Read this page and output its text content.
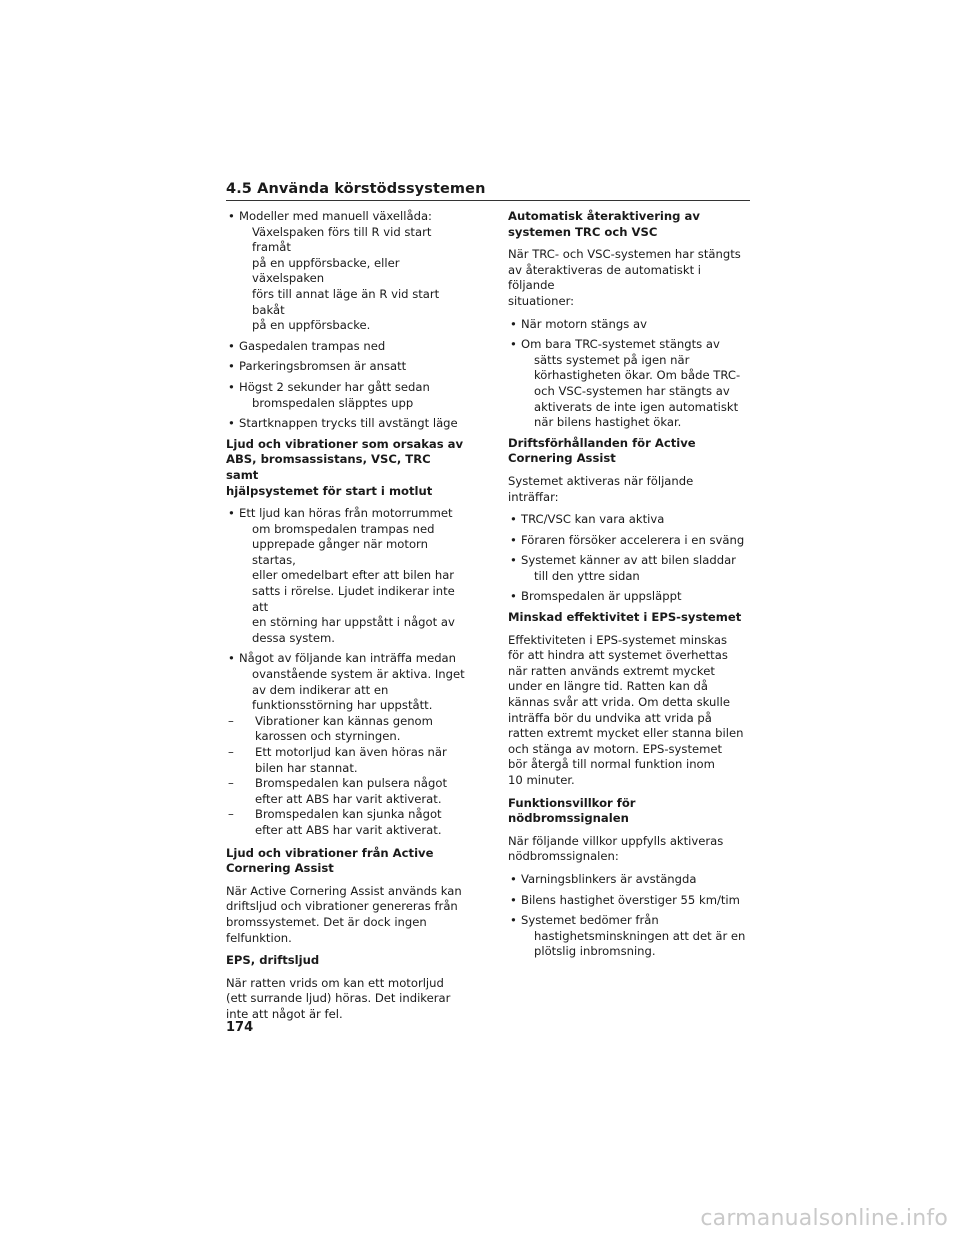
4.5 Använda körstödssystemen
• Modeller med manuell växellåda:
Växelspaken förs till R vid start framåt
på en uppförsbacke, eller växelspaken
förs till annat läge än R vid start bakåt
på en uppförsbacke.
• Gaspedalen trampas ned
• Parkeringsbromsen är ansatt
• Högst 2 sekunder har gått sedan
bromspedalen släpptes upp
• Startknappen trycks till avstängt läge
Ljud och vibrationer som orsakas av
ABS, bromsassistans, VSC, TRC samt
hjälpsystemet för start i motlut
• Ett ljud kan höras från motorrummet
om bromspedalen trampas ned
upprepade gånger när motorn startas,
eller omedelbart efter att bilen har
satts i rörelse. Ljudet indikerar inte att
en störning har uppstått i något av
dessa system.
• Något av följande kan inträffa medan
ovanstående system är aktiva. Inget
av dem indikerar att en
funktionsstörning har uppstått.
– Vibrationer kan kännas genom
karossen och styrningen.
– Ett motorljud kan även höras när
bilen har stannat.
– Bromspedalen kan pulsera något
efter att ABS har varit aktiverat.
– Bromspedalen kan sjunka något
efter att ABS har varit aktiverat.
Ljud och vibrationer från Active
Cornering Assist
När Active Cornering Assist används kan
driftsljud och vibrationer genereras från
bromssystemet. Det är dock ingen
felfunktion.
EPS, driftsljud
När ratten vrids om kan ett motorljud
(ett surrande ljud) höras. Det indikerar
inte att något är fel.
Automatisk återaktivering av
systemen TRC och VSC
När TRC- och VSC-systemen har stängts
av återaktiveras de automatiskt i följande
situationer:
• När motorn stängs av
• Om bara TRC-systemet stängts av
sätts systemet på igen när
körhastigheten ökar. Om både TRC-
och VSC-systemen har stängts av
aktiverats de inte igen automatiskt
när bilens hastighet ökar.
Driftsförhållanden för Active
Cornering Assist
Systemet aktiveras när följande
inträffar:
• TRC/VSC kan vara aktiva
• Föraren försöker accelerera i en sväng
• Systemet känner av att bilen sladdar
till den yttre sidan
• Bromspedalen är uppsläppt
Minskad effektivitet i EPS-systemet
Effektiviteten i EPS-systemet minskas
för att hindra att systemet överhettas
när ratten används extremt mycket
under en längre tid. Ratten kan då
kännas svår att vrida. Om detta skulle
inträffa bör du undvika att vrida på
ratten extremt mycket eller stanna bilen
och stänga av motorn. EPS-systemet
bör återgå till normal funktion inom
10 minuter.
Funktionsvillkor för nödbromssignalen
När följande villkor uppfylls aktiveras
nödbromssignalen:
• Varningsblinkers är avstängda
• Bilens hastighet överstiger 55 km/tim
• Systemet bedömer från
hastighetsminskningen att det är en
plötslig inbromsning.
174
carmanualsonline.info
